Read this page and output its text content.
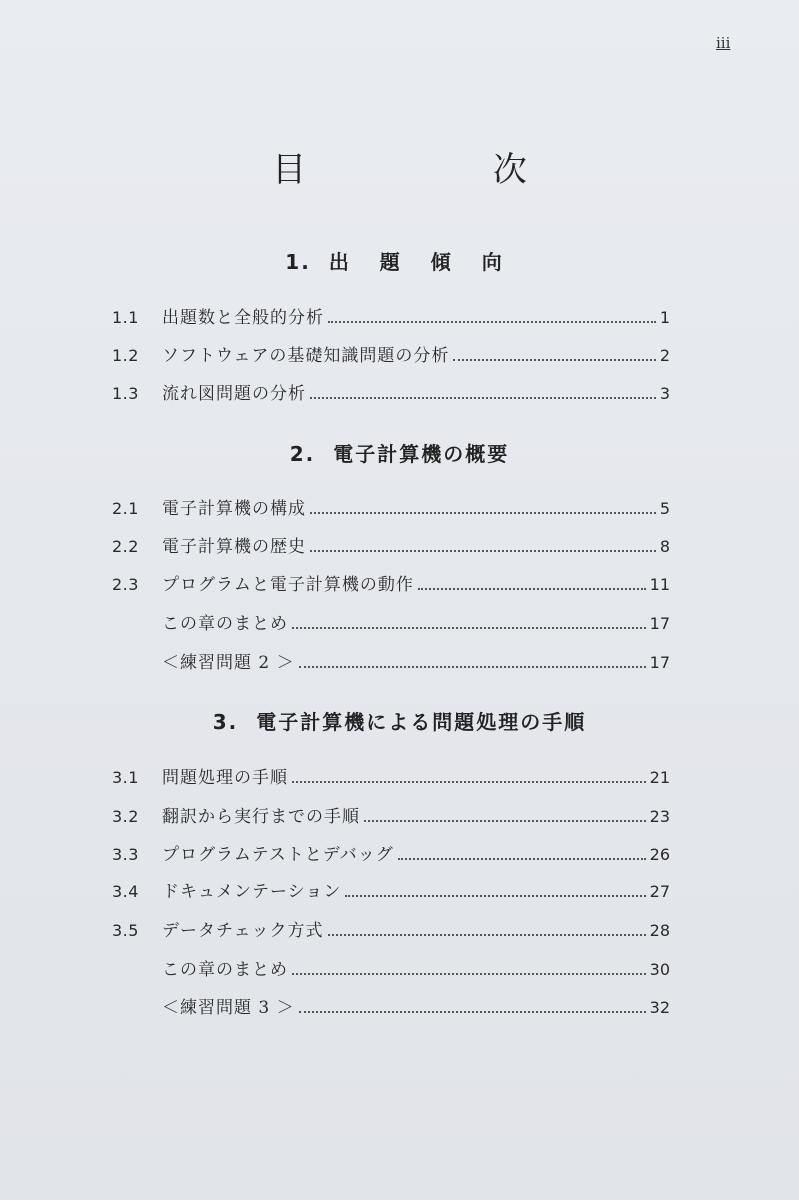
iii
目 次
1. 出 題 傾 向
1.1	出題数と全般的分析	1
1.2	ソフトウェアの基礎知識問題の分析	2
1.3	流れ図問題の分析	3
2. 電子計算機の概要
2.1	電子計算機の構成	5
2.2	電子計算機の歴史	8
2.3	プログラムと電子計算機の動作	11
この章のまとめ	17
＜練習問題 2 ＞	17
3. 電子計算機による問題処理の手順
3.1	問題処理の手順	21
3.2	翻訳から実行までの手順	23
3.3	プログラムテストとデバッグ	26
3.4	ドキュメンテーション	27
3.5	データチェック方式	28
この章のまとめ	30
＜練習問題 3 ＞	32
